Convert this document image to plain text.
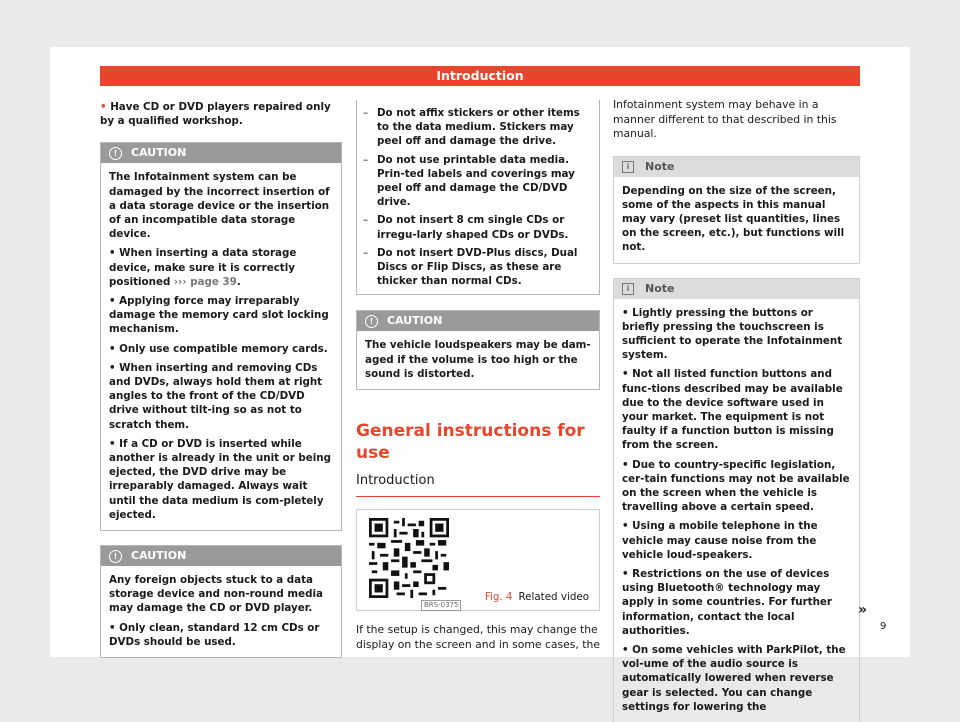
Introduction

• Have CD or DVD players repaired only by a qualified workshop.

!	CAUTION

The Infotainment system can be damaged by the incorrect insertion of a data storage device or the insertion of an incompatible data storage device.

• When inserting a data storage device, make sure it is correctly positioned ››› page 39.

• Applying force may irreparably damage the memory card slot locking mechanism.

• Only use compatible memory cards.

• When inserting and removing CDs and DVDs, always hold them at right angles to the front of the CD/DVD drive without tilt-ing so as not to scratch them.

• If a CD or DVD is inserted while another is already in the unit or being ejected, the DVD drive may be irreparably damaged. Always wait until the data medium is com-pletely ejected.

!	CAUTION

Any foreign objects stuck to a data storage device and non-round media may damage the CD or DVD player.

• Only clean, standard 12 cm CDs or DVDs should be used.

– Do not affix stickers or other items to the data medium. Stickers may peel off and damage the drive.
– Do not use printable data media. Prin-ted labels and coverings may peel off and damage the CD/DVD drive.
– Do not insert 8 cm single CDs or irregu-larly shaped CDs or DVDs.
– Do not insert DVD-Plus discs, Dual Discs or Flip Discs, as these are thicker than normal CDs.
!	CAUTION

The vehicle loudspeakers may be dam-aged if the volume is too high or the sound is distorted.

General instructions for use

Introduction

BRS-0375
Fig. 4 Related video

If the setup is changed, this may change the display on the screen and in some cases, the

Infotainment system may behave in a manner different to that described in this manual.

i	Note

Depending on the size of the screen, some of the aspects in this manual may vary (preset list quantities, lines on the screen, etc.), but functions will not.

i	Note

• Lightly pressing the buttons or briefly pressing the touchscreen is sufficient to operate the Infotainment system.

• Not all listed function buttons and func-tions described may be available due to the device software used in your market. The equipment is not faulty if a function button is missing from the screen.

• Due to country-specific legislation, cer-tain functions may not be available on the screen when the vehicle is travelling above a certain speed.

• Using a mobile telephone in the vehicle may cause noise from the vehicle loud-speakers.

• Restrictions on the use of devices using Bluetooth® technology may apply in some countries. For further information, contact the local authorities.

• On some vehicles with ParkPilot, the vol-ume of the audio source is automatically lowered when reverse gear is selected. You can change settings for lowering the

»
9
